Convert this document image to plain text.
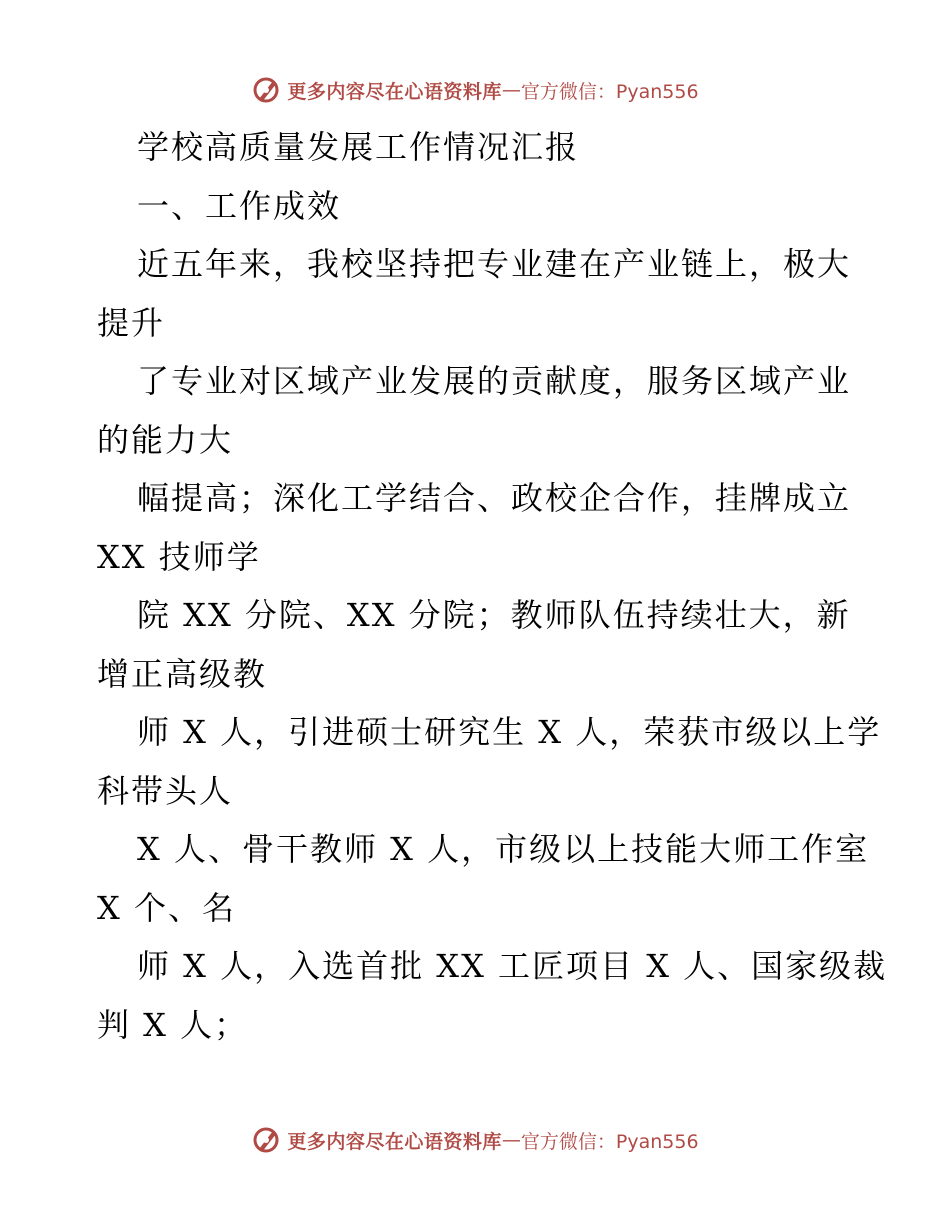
更多内容尽在心语资料库 — 官方微信：Pyan556
学校高质量发展工作情况汇报
一、工作成效
近五年来，我校坚持把专业建在产业链上，极大
提升
了专业对区域产业发展的贡献度，服务区域产业
的能力大
幅提高；深化工学结合、政校企合作，挂牌成立
XX 技师学
院 XX 分院、XX 分院；教师队伍持续壮大，新
增正高级教
师 X 人，引进硕士研究生 X 人，荣获市级以上学
科带头人
X 人、骨干教师 X 人，市级以上技能大师工作室
X 个、名
师 X 人，入选首批 XX 工匠项目 X 人、国家级裁
判 X 人；
更多内容尽在心语资料库 — 官方微信：Pyan556
